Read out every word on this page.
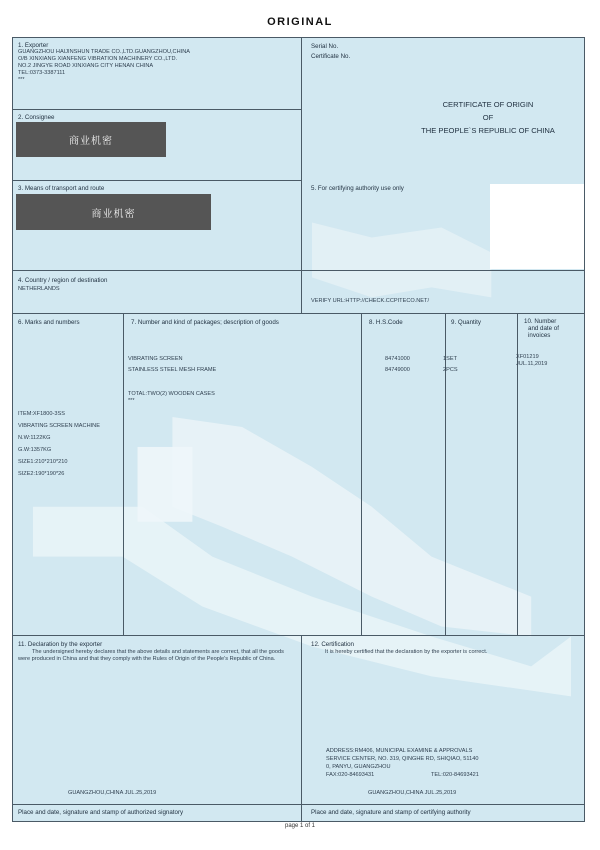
ORIGINAL
1. Exporter
GUANGZHOU HAIJINSHUN TRADE CO.,LTD.GUANGZHOU,CHINA
O/B XINXIANG XIANFENG VIBRATION MACHINERY CO.,LTD.
NO.2 JINGYE ROAD XINXIANG CITY HENAN CHINA
TEL:0373-3387111
***
Serial No.
Certificate No.
CERTIFICATE OF ORIGIN
OF
THE PEOPLE`S REPUBLIC OF CHINA
2. Consignee
商业机密
3. Means of transport and route
商业机密
5. For certifying authority use only
VERIFY URL:HTTP://CHECK.CCPITECO.NET/
4. Country / region of destination
NETHERLANDS
6. Marks and numbers	7. Number and kind of packages; description of goods	8. H.S.Code	9. Quantity	10. Number
and date of
invoices
VIBRATING SCREEN	84741000	1SET
STAINLESS STEEL MESH FRAME	84749000	2PCS
TOTAL:TWO(2) WOODEN CASES
***
XF01219
JUL.11,2019
ITEM:XF1800-3SS
VIBRATING SCREEN MACHINE
N.W:1122KG
G.W:1357KG
SIZE1:210*210*210
SIZE2:190*190*26
11. Declaration by the exporter
The undersigned hereby declares that the above details and statements are correct, that all the goods were produced in China and that they comply with the Rules of Origin of the People's Republic of China.
GUANGZHOU,CHINA JUL.25,2019
Place and date, signature and stamp of authorized signatory
12. Certification
It is hereby certified that the declaration by the exporter is correct.
ADDRESS:RM406, MUNICIPAL EXAMINE & APPROVALS
SERVICE CENTER, NO. 319, QINGHE RD, SHIQIAO, 51140
0, PANYU, GUANGZHOU
FAX:020-84693431	TEL:020-84693421
GUANGZHOU,CHINA JUL.25,2019
Place and date, signature and stamp of certifying authority
page 1 of 1
